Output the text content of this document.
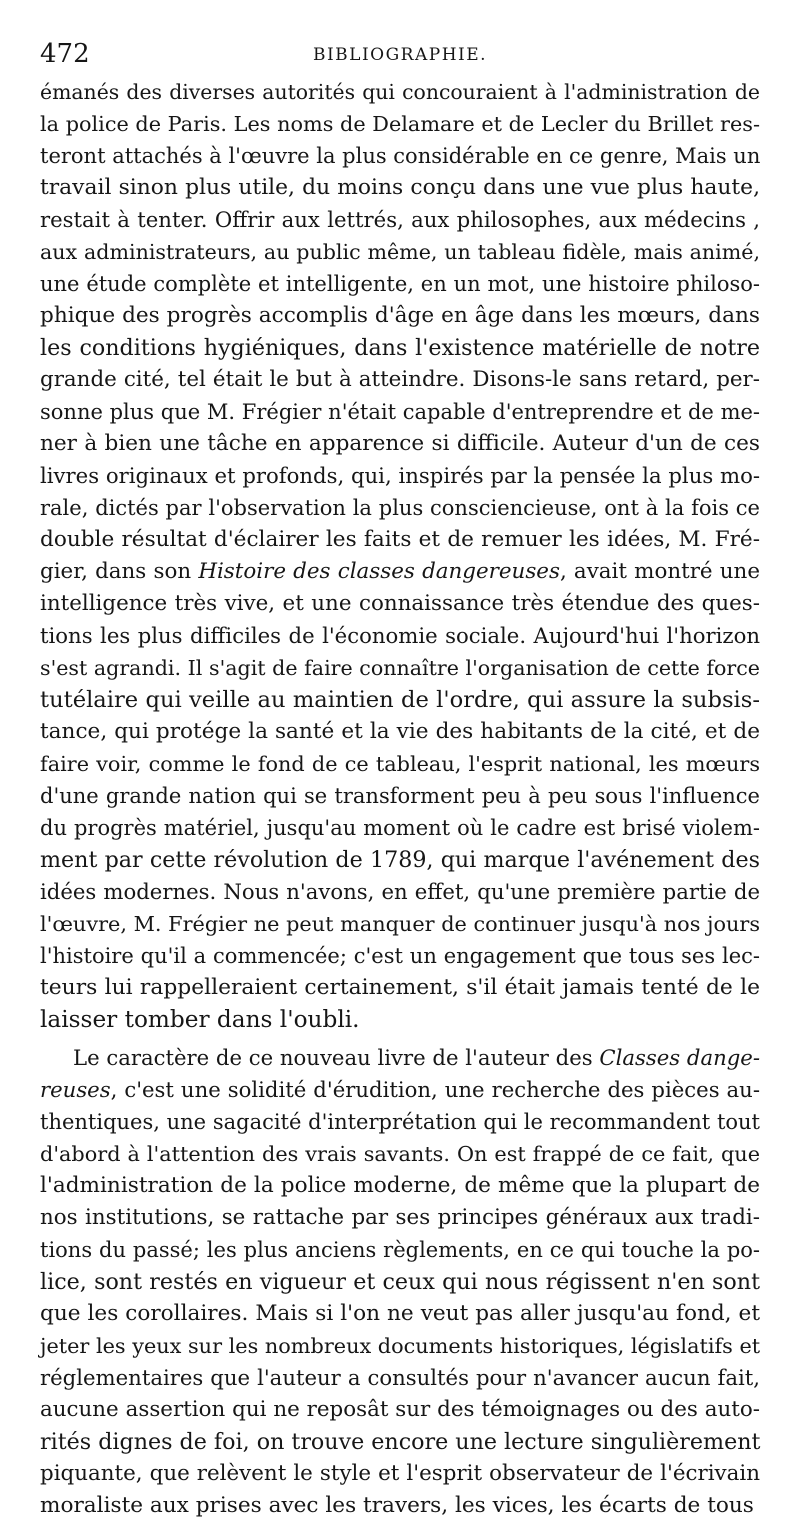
472	BIBLIOGRAPHIE.
émanés des diverses autorités qui concouraient à l'administration de
la police de Paris. Les noms de Delamare et de Lecler du Brillet res-
teront attachés à l'œuvre la plus considérable en ce genre, Mais un
travail sinon plus utile, du moins conçu dans une vue plus haute,
restait à tenter. Offrir aux lettrés, aux philosophes, aux médecins ,
aux administrateurs, au public même, un tableau fidèle, mais animé,
une étude complète et intelligente, en un mot, une histoire philoso-
phique des progrès accomplis d'âge en âge dans les mœurs, dans
les conditions hygiéniques, dans l'existence matérielle de notre
grande cité, tel était le but à atteindre. Disons-le sans retard, per-
sonne plus que M. Frégier n'était capable d'entreprendre et de me-
ner à bien une tâche en apparence si difficile. Auteur d'un de ces
livres originaux et profonds, qui, inspirés par la pensée la plus mo-
rale, dictés par l'observation la plus consciencieuse, ont à la fois ce
double résultat d'éclairer les faits et de remuer les idées, M. Fré-
gier, dans son Histoire des classes dangereuses, avait montré une
intelligence très vive, et une connaissance très étendue des ques-
tions les plus difficiles de l'économie sociale. Aujourd'hui l'horizon
s'est agrandi. Il s'agit de faire connaître l'organisation de cette force
tutélaire qui veille au maintien de l'ordre, qui assure la subsis-
tance, qui protége la santé et la vie des habitants de la cité, et de
faire voir, comme le fond de ce tableau, l'esprit national, les mœurs
d'une grande nation qui se transforment peu à peu sous l'influence
du progrès matériel, jusqu'au moment où le cadre est brisé violem-
ment par cette révolution de 1789, qui marque l'avénement des
idées modernes. Nous n'avons, en effet, qu'une première partie de
l'œuvre, M. Frégier ne peut manquer de continuer jusqu'à nos jours
l'histoire qu'il a commencée; c'est un engagement que tous ses lec-
teurs lui rappelleraient certainement, s'il était jamais tenté de le
laisser tomber dans l'oubli.
Le caractère de ce nouveau livre de l'auteur des Classes dange-
reuses, c'est une solidité d'érudition, une recherche des pièces au-
thentiques, une sagacité d'interprétation qui le recommandent tout
d'abord à l'attention des vrais savants. On est frappé de ce fait, que
l'administration de la police moderne, de même que la plupart de
nos institutions, se rattache par ses principes généraux aux tradi-
tions du passé; les plus anciens règlements, en ce qui touche la po-
lice, sont restés en vigueur et ceux qui nous régissent n'en sont
que les corollaires. Mais si l'on ne veut pas aller jusqu'au fond, et
jeter les yeux sur les nombreux documents historiques, législatifs et
réglementaires que l'auteur a consultés pour n'avancer aucun fait,
aucune assertion qui ne reposât sur des témoignages ou des auto-
rités dignes de foi, on trouve encore une lecture singulièrement
piquante, que relèvent le style et l'esprit observateur de l'écrivain
moraliste aux prises avec les travers, les vices, les écarts de tous
